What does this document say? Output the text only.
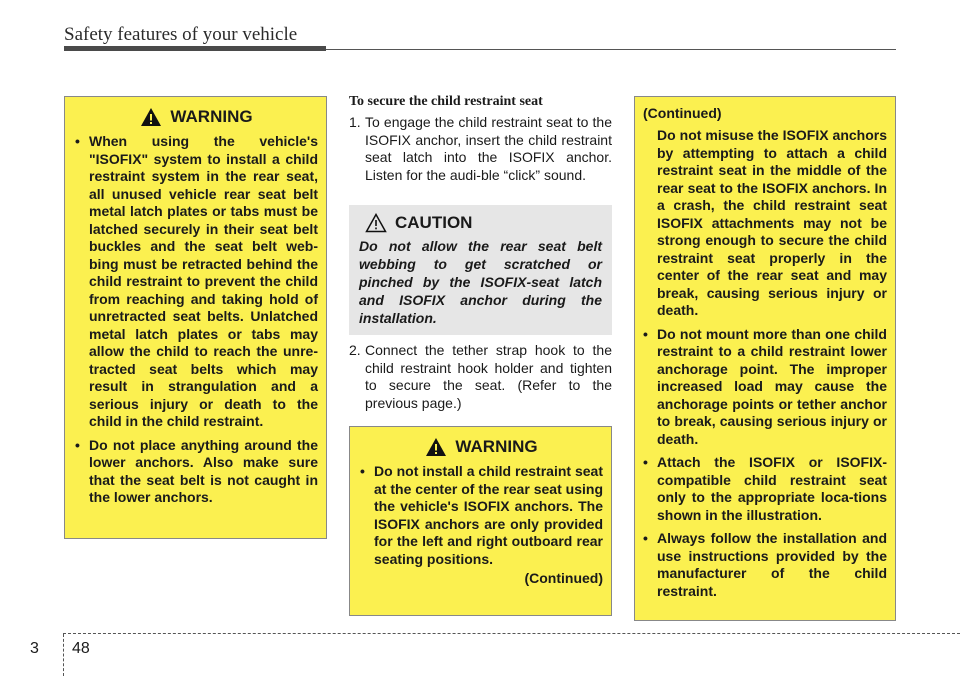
Safety features of your vehicle
WARNING
• When using the vehicle's "ISOFIX" system to install a child restraint system in the rear seat, all unused vehicle rear seat belt metal latch plates or tabs must be latched securely in their seat belt buckles and the seat belt web-bing must be retracted behind the child restraint to prevent the child from reaching and taking hold of unretracted seat belts. Unlatched metal latch plates or tabs may allow the child to reach the unre-tracted seat belts which may result in strangulation and a serious injury or death to the child in the child restraint.
• Do not place anything around the lower anchors. Also make sure that the seat belt is not caught in the lower anchors.
To secure the child restraint seat
1. To engage the child restraint seat to the ISOFIX anchor, insert the child restraint seat latch into the ISOFIX anchor. Listen for the audi-ble “click” sound.
CAUTION
Do not allow the rear seat belt webbing to get scratched or pinched by the ISOFIX-seat latch and ISOFIX anchor during the installation.
2. Connect the tether strap hook to the child restraint hook holder and tighten to secure the seat. (Refer to the previous page.)
WARNING
• Do not install a child restraint seat at the center of the rear seat using the vehicle's ISOFIX anchors. The ISOFIX anchors are only provided for the left and right outboard rear seating positions.
(Continued)
(Continued)
Do not misuse the ISOFIX anchors by attempting to attach a child restraint seat in the middle of the rear seat to the ISOFIX anchors. In a crash, the child restraint seat ISOFIX attachments may not be strong enough to secure the child restraint seat properly in the center of the rear seat and may break, causing serious injury or death.
• Do not mount more than one child restraint to a child restraint lower anchorage point. The improper increased load may cause the anchorage points or tether anchor to break, causing serious injury or death.
• Attach the ISOFIX or ISOFIX-compatible child restraint seat only to the appropriate loca-tions shown in the illustration.
• Always follow the installation and use instructions provided by the manufacturer of the child restraint.
3 48
